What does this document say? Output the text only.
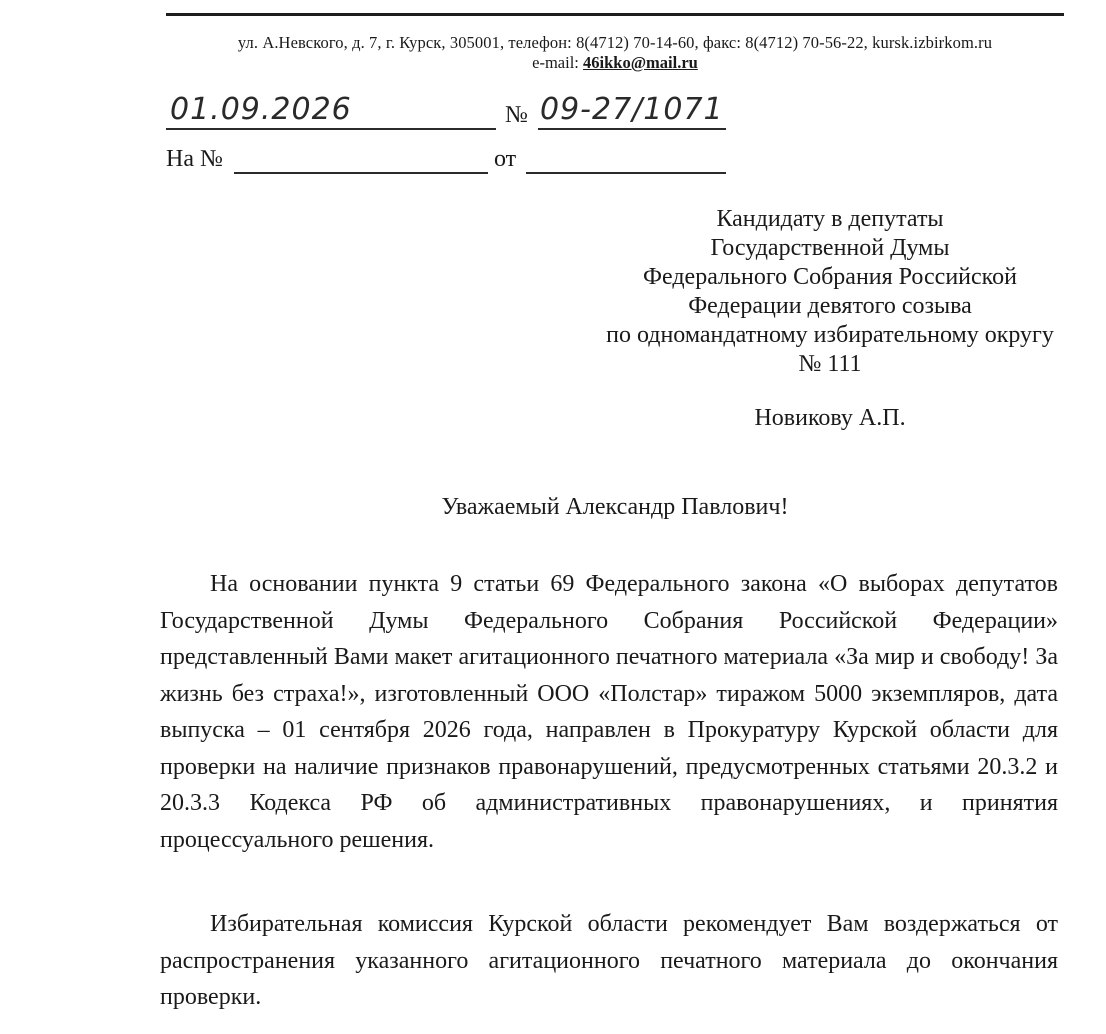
ул. А.Невского, д. 7, г. Курск, 305001, телефон: 8(4712) 70-14-60, факс: 8(4712) 70-56-22, kursk.izbirkom.ru
e-mail: 46ikko@mail.ru
01.09.2026	№ 09-27/1071
На №	от
Кандидату в депутаты
Государственной Думы
Федерального Собрания Российской
Федерации девятого созыва
по одномандатному избирательному округу
№ 111
Новикову А.П.
Уважаемый Александр Павлович!
На основании пункта 9 статьи 69 Федерального закона «О выборах депутатов Государственной Думы Федерального Собрания Российской Федерации» представленный Вами макет агитационного печатного материала «За мир и свободу! За жизнь без страха!», изготовленный ООО «Полстар» тиражом 5000 экземпляров, дата выпуска – 01 сентября 2026 года, направлен в Прокуратуру Курской области для проверки на наличие признаков правонарушений, предусмотренных статьями 20.3.2 и 20.3.3 Кодекса РФ об административных правонарушениях, и принятия процессуального решения.
Избирательная комиссия Курской области рекомендует Вам воздержаться от распространения указанного агитационного печатного материала до окончания проверки.
